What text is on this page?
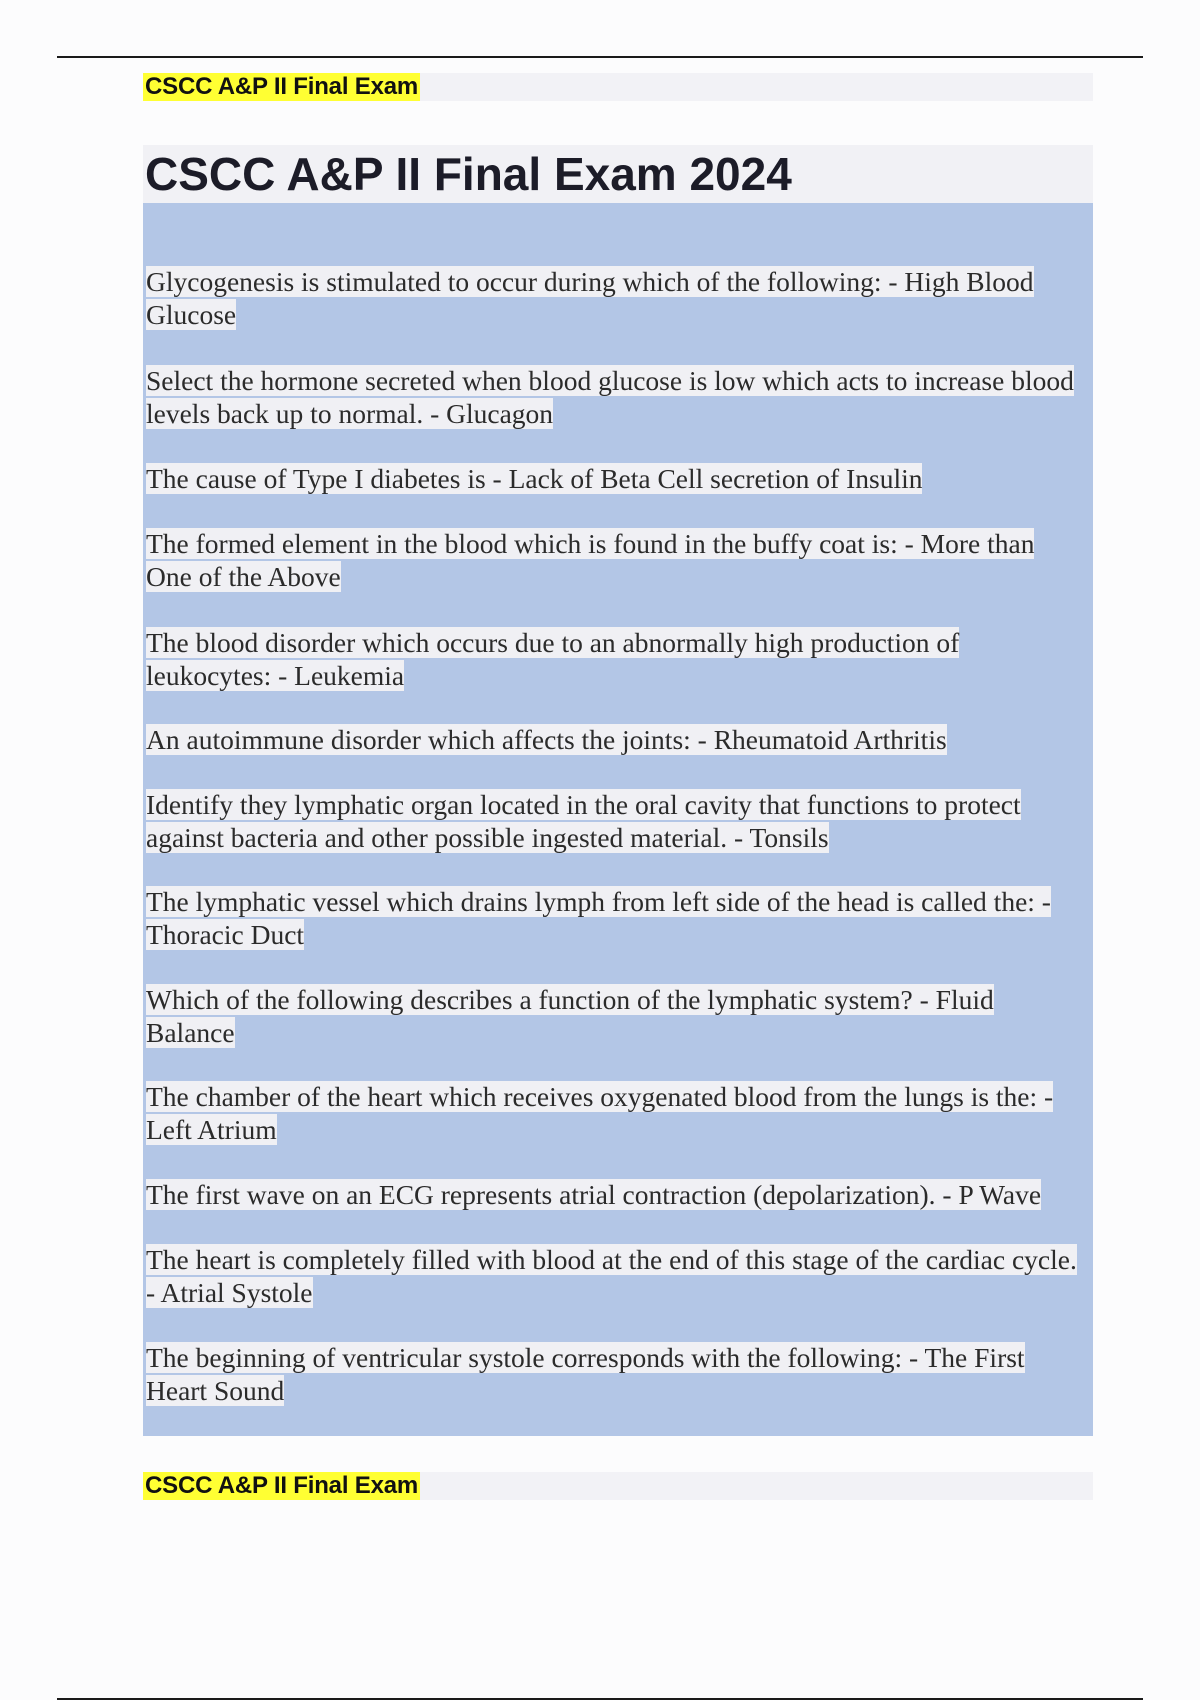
CSCC A&P II Final Exam
CSCC A&P II Final Exam 2024
Glycogenesis is stimulated to occur during which of the following: - High Blood Glucose
Select the hormone secreted when blood glucose is low which acts to increase blood levels back up to normal. - Glucagon
The cause of Type I diabetes is - Lack of Beta Cell secretion of Insulin
The formed element in the blood which is found in the buffy coat is: - More than One of the Above
The blood disorder which occurs due to an abnormally high production of leukocytes: - Leukemia
An autoimmune disorder which affects the joints: - Rheumatoid Arthritis
Identify they lymphatic organ located in the oral cavity that functions to protect against bacteria and other possible ingested material. - Tonsils
The lymphatic vessel which drains lymph from left side of the head is called the: - Thoracic Duct
Which of the following describes a function of the lymphatic system? - Fluid Balance
The chamber of the heart which receives oxygenated blood from the lungs is the: - Left Atrium
The first wave on an ECG represents atrial contraction (depolarization). - P Wave
The heart is completely filled with blood at the end of this stage of the cardiac cycle. - Atrial Systole
The beginning of ventricular systole corresponds with the following: - The First Heart Sound
CSCC A&P II Final Exam
